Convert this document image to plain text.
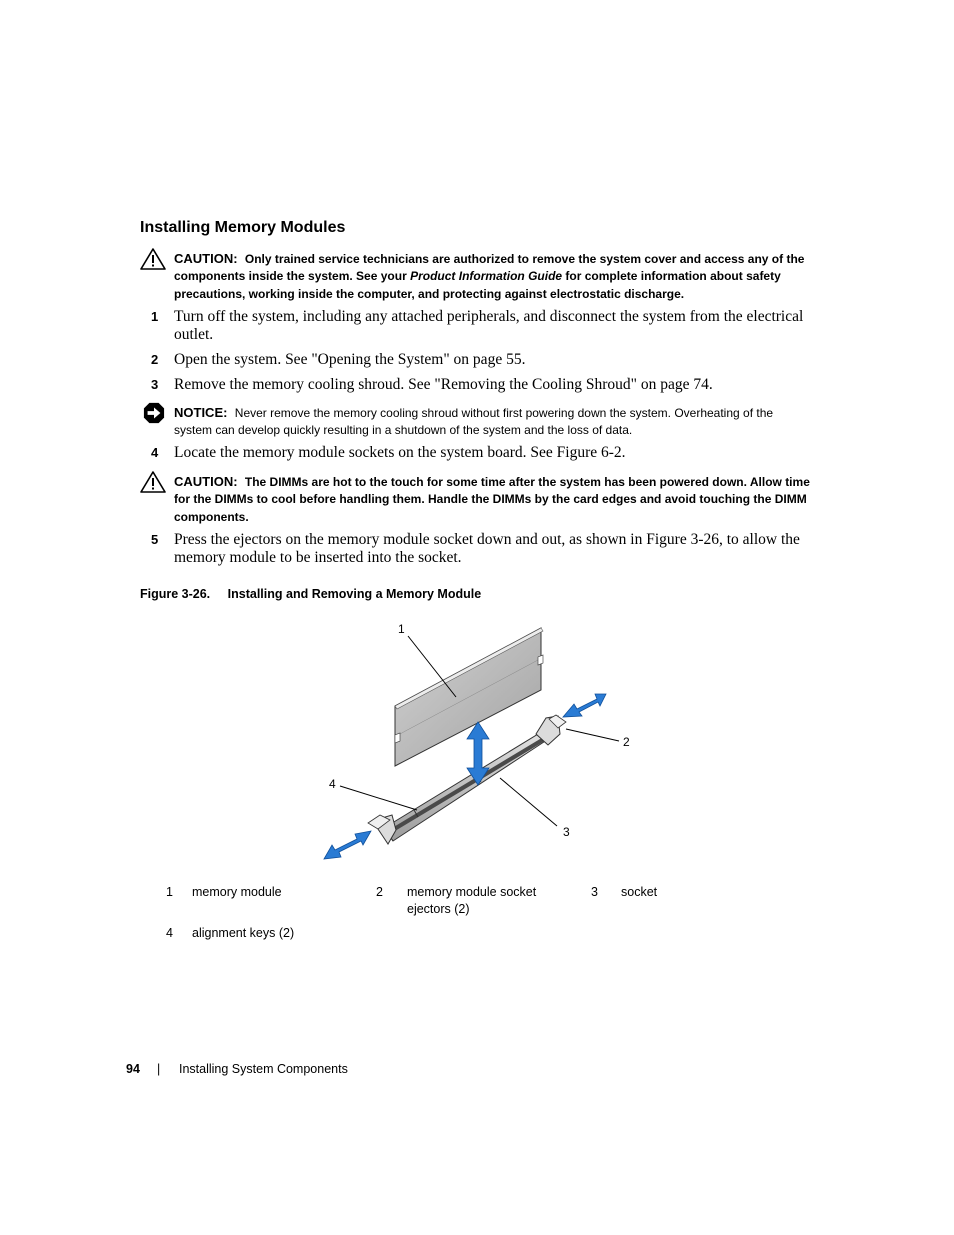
Installing Memory Modules
CAUTION: Only trained service technicians are authorized to remove the system cover and access any of the components inside the system. See your Product Information Guide for complete information about safety precautions, working inside the computer, and protecting against electrostatic discharge.
1 Turn off the system, including any attached peripherals, and disconnect the system from the electrical outlet.
2 Open the system. See "Opening the System" on page 55.
3 Remove the memory cooling shroud. See "Removing the Cooling Shroud" on page 74.
NOTICE: Never remove the memory cooling shroud without first powering down the system. Overheating of the system can develop quickly resulting in a shutdown of the system and the loss of data.
4 Locate the memory module sockets on the system board. See Figure 6-2.
CAUTION: The DIMMs are hot to the touch for some time after the system has been powered down. Allow time for the DIMMs to cool before handling them. Handle the DIMMs by the card edges and avoid touching the DIMM components.
5 Press the ejectors on the memory module socket down and out, as shown in Figure 3-26, to allow the memory module to be inserted into the socket.
Figure 3-26. Installing and Removing a Memory Module
1
2
3
4
1 memory module	2 memory module socket ejectors (2)
3 socket
4 alignment keys (2)
94 | Installing System Components
